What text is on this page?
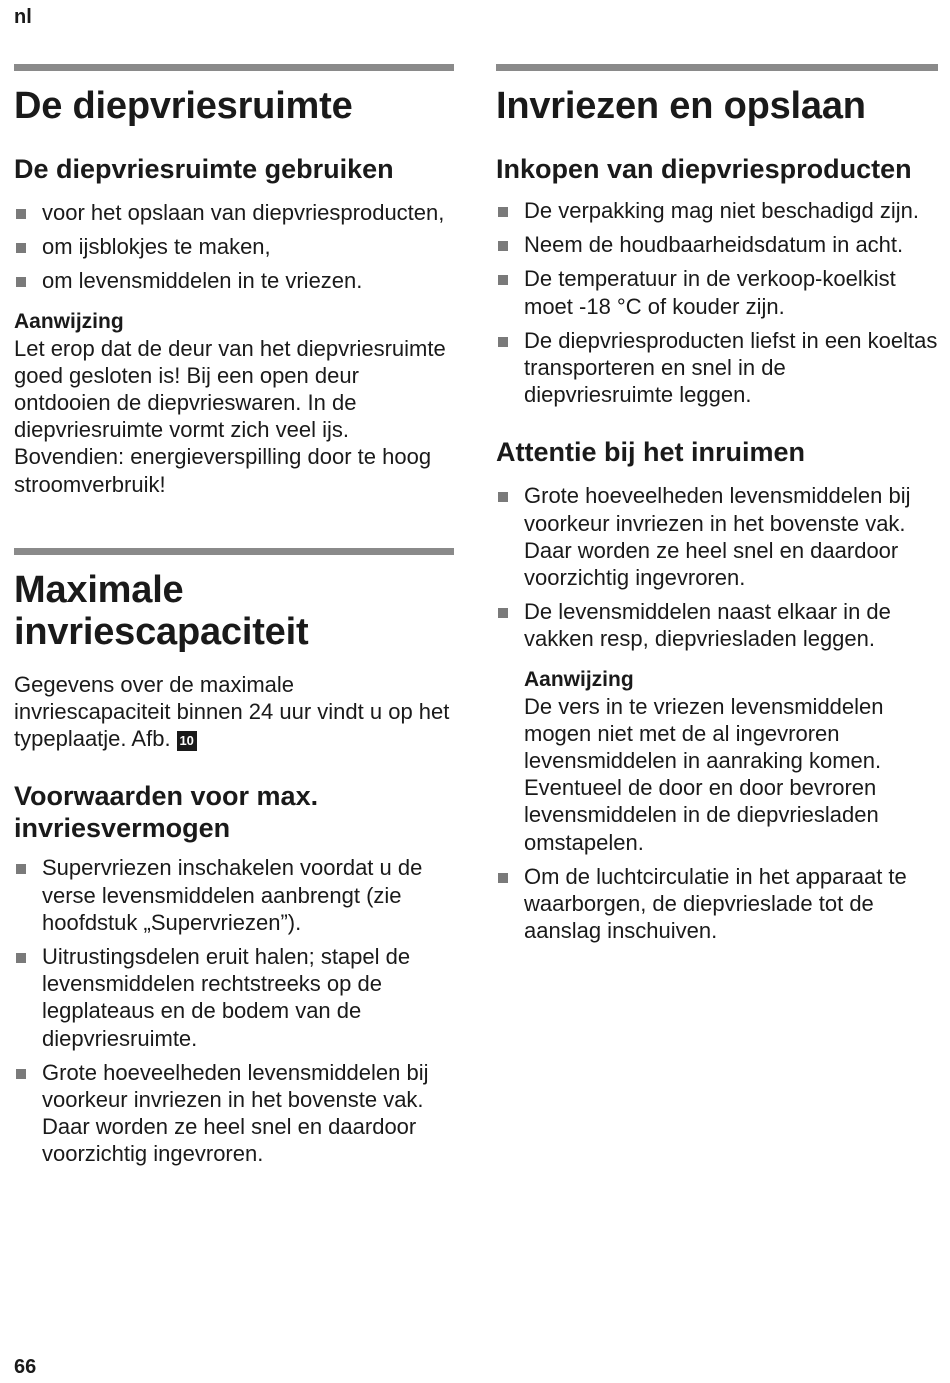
nl
De diepvriesruimte
De diepvriesruimte gebruiken
voor het opslaan van diepvriesproducten,
om ijsblokjes te maken,
om levensmiddelen in te vriezen.
Aanwijzing

Let erop dat de deur van het diepvriesruimte goed gesloten is! Bij een open deur ontdooien de diepvrieswaren. In de diepvriesruimte vormt zich veel ijs. Bovendien: energieverspilling door te hoog stroomverbruik!

Maximale invriescapaciteit

Gegevens over de maximale invriescapaciteit binnen 24 uur vindt u op het typeplaatje. Afb. 10

Voorwaarden voor max. invriesvermogen
Supervriezen inschakelen voordat u de verse levensmiddelen aanbrengt (zie hoofdstuk „Supervriezen”).
Uitrustingsdelen eruit halen; stapel de levensmiddelen rechtstreeks op de legplateaus en de bodem van de diepvriesruimte.
Grote hoeveelheden levensmiddelen bij voorkeur invriezen in het bovenste vak. Daar worden ze heel snel en daardoor voorzichtig ingevroren.
Invriezen en opslaan
Inkopen van diepvriesproducten
De verpakking mag niet beschadigd zijn.
Neem de houdbaarheidsdatum in acht.
De temperatuur in de verkoop-koelkist moet -18 °C of kouder zijn.
De diepvriesproducten liefst in een koeltas transporteren en snel in de diepvriesruimte leggen.
Attentie bij het inruimen
Grote hoeveelheden levensmiddelen bij voorkeur invriezen in het bovenste vak. Daar worden ze heel snel en daardoor voorzichtig ingevroren.
De levensmiddelen naast elkaar in de vakken resp, diepvriesladen leggen.
Aanwijzing

De vers in te vriezen levensmiddelen mogen niet met de al ingevroren levensmiddelen in aanraking komen. Eventueel de door en door bevroren levensmiddelen in de diepvriesladen omstapelen.

Om de luchtcirculatie in het apparaat te waarborgen, de diepvrieslade tot de aanslag inschuiven.
66
